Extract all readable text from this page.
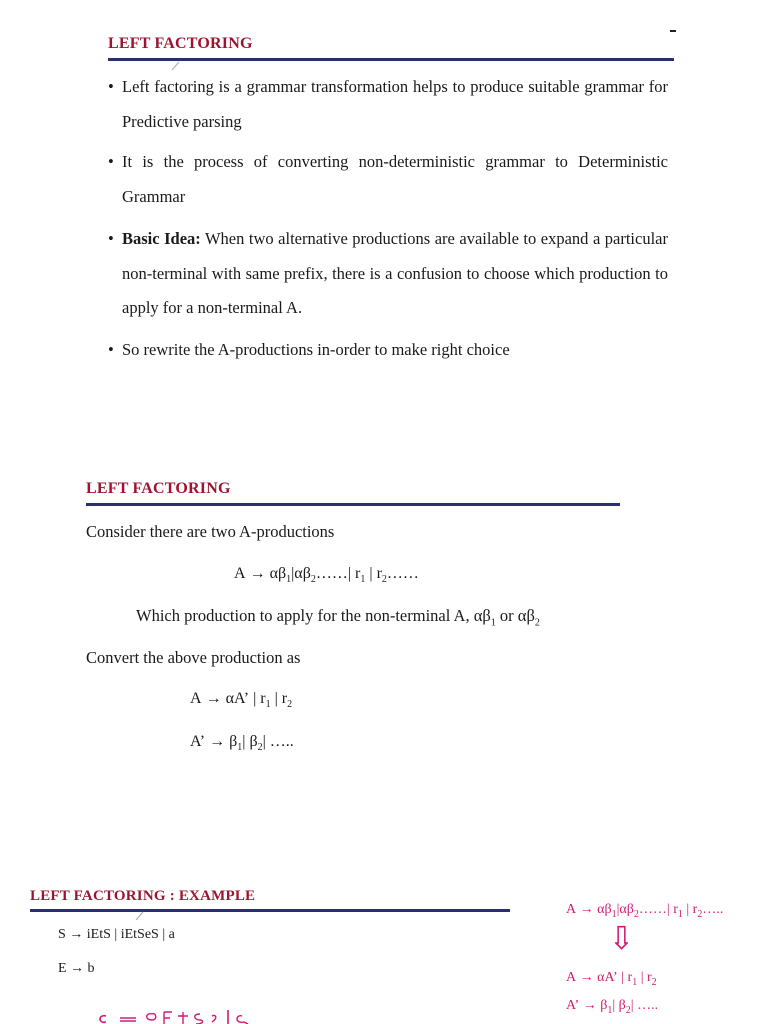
LEFT FACTORING
• Left factoring is a grammar transformation helps to produce suitable grammar for Predictive parsing
• It is the process of converting non-deterministic grammar to Deterministic Grammar
• Basic Idea: When two alternative productions are available to expand a particular non-terminal with same prefix, there is a confusion to choose which production to apply for a non-terminal A.
• So rewrite the A-productions in-order to make right choice
LEFT FACTORING
Consider there are two A-productions
$A \to \alpha\beta_1|\alpha\beta_2\dots\dots|$ $r_1$ | $r_2\dots\dots$
Which production to apply for the non-terminal A, $\alpha\beta_1$ or $\alpha\beta_2$
Convert the above production as
A → αA’ | $r_1$ | $r_2$
A’ → $\beta_1|$ $\beta_2|$ …..
LEFT FACTORING : EXAMPLE
S → iEtS | iEtSeS | a
E → b
$A \to \alpha\beta_1|\alpha\beta_2\dots\dots|$ $r_1$ | $r_2\dots$..
⇩
A → αA’ | $r_1$ | $r_2$
A’ → $\beta_1|$ $\beta_2|$ …..
